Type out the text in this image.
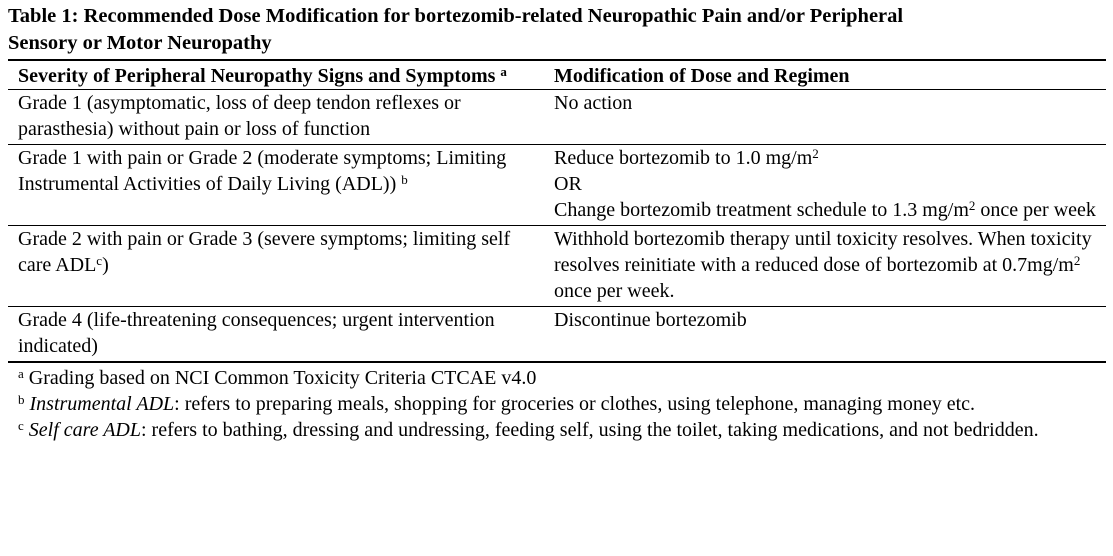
Table 1: Recommended Dose Modification for bortezomib-related Neuropathic Pain and/or Peripheral
Sensory or Motor Neuropathy
Severity of Peripheral Neuropathy Signs and Symptoms $^a$	Modification of Dose and Regimen
Grade 1 (asymptomatic, loss of deep tendon reflexes or parasthesia) without pain or loss of function	No action
Grade 1 with pain or Grade 2 (moderate symptoms; Limiting Instrumental Activities of Daily Living (ADL)) $^b$	Reduce bortezomib to 1.0 $mg/m^2$
OR
Change bortezomib treatment schedule to 1.3 $mg/m^2$ once per week

Grade 2 with pain or Grade 3 (severe symptoms; limiting self care ADL$^c$)	Withhold bortezomib therapy until toxicity resolves. When toxicity resolves reinitiate with a reduced dose of bortezomib at $0.7mg/m^2$ once per week.
Grade 4 (life-threatening consequences; urgent intervention indicated)	Discontinue bortezomib
$^a$ Grading based on NCI Common Toxicity Criteria CTCAE v4.0
$^b$ Instrumental ADL: refers to preparing meals, shopping for groceries or clothes, using telephone, managing money etc.
$^c$ Self care ADL: refers to bathing, dressing and undressing, feeding self, using the toilet, taking medications, and not bedridden.
